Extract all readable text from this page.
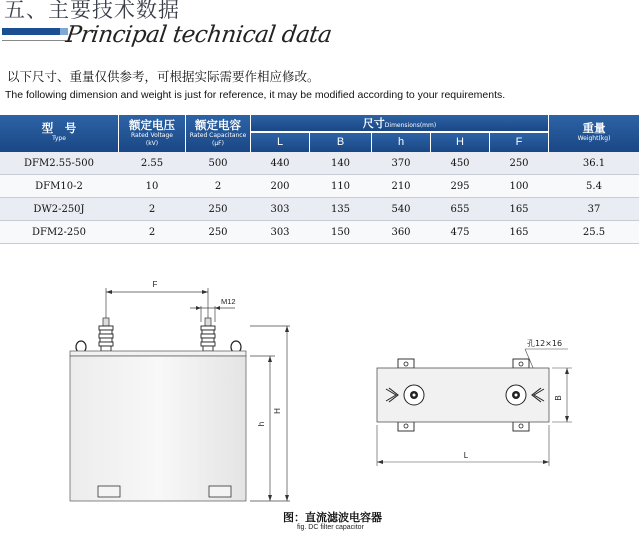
五、主要技术数据
Principal technical data
以下尺寸、重量仅供参考，可根据实际需要作相应修改。
The following dimension and weight is just for reference, it may be modified according to your requirements.
型　号
Type
额定电压
Rated Voltage
(kV)
额定电容
Rated Capacitance
(μF)
尺寸Dimensions(mm)
L	B	h	H	F
重量
Weight(kg)
DFM2.55-500	2.55	500	440	140	370	450	250	36.1
DFM10-2	10	2	200	110	210	295	100	5.4
DW2-250J	2	250	303	135	540	655	165	37
DFM2-250	2	250	303	150	360	475	165	25.5
F
M12
H
h
孔12×16
B
L
图：直流滤波电容器
fig. DC filter capacitor
